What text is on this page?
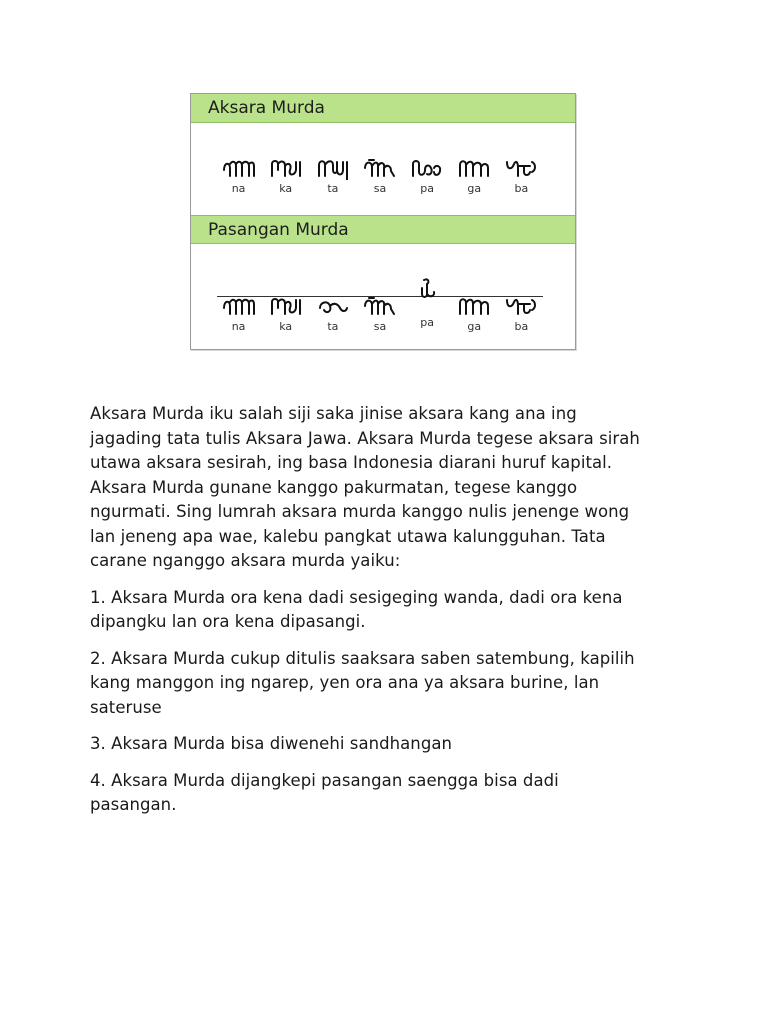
Aksara Murda
na	ka	ta	sa	pa	ga	ba
Pasangan Murda
na	ka	ta	sa	pa	ga	ba

Aksara Murda iku salah siji saka jinise aksara kang ana ing
jagading tata tulis Aksara Jawa. Aksara Murda tegese aksara sirah
utawa aksara sesirah, ing basa Indonesia diarani huruf kapital.
Aksara Murda gunane kanggo pakurmatan, tegese kanggo
ngurmati. Sing lumrah aksara murda kanggo nulis jenenge wong
lan jeneng apa wae, kalebu pangkat utawa kalungguhan. Tata
carane nganggo aksara murda yaiku:

1. Aksara Murda ora kena dadi sesigeging wanda, dadi ora kena
dipangku lan ora kena dipasangi.

2. Aksara Murda cukup ditulis saaksara saben satembung, kapilih
kang manggon ing ngarep, yen ora ana ya aksara burine, lan
sateruse

3. Aksara Murda bisa diwenehi sandhangan

4. Aksara Murda dijangkepi pasangan saengga bisa dadi
pasangan.
